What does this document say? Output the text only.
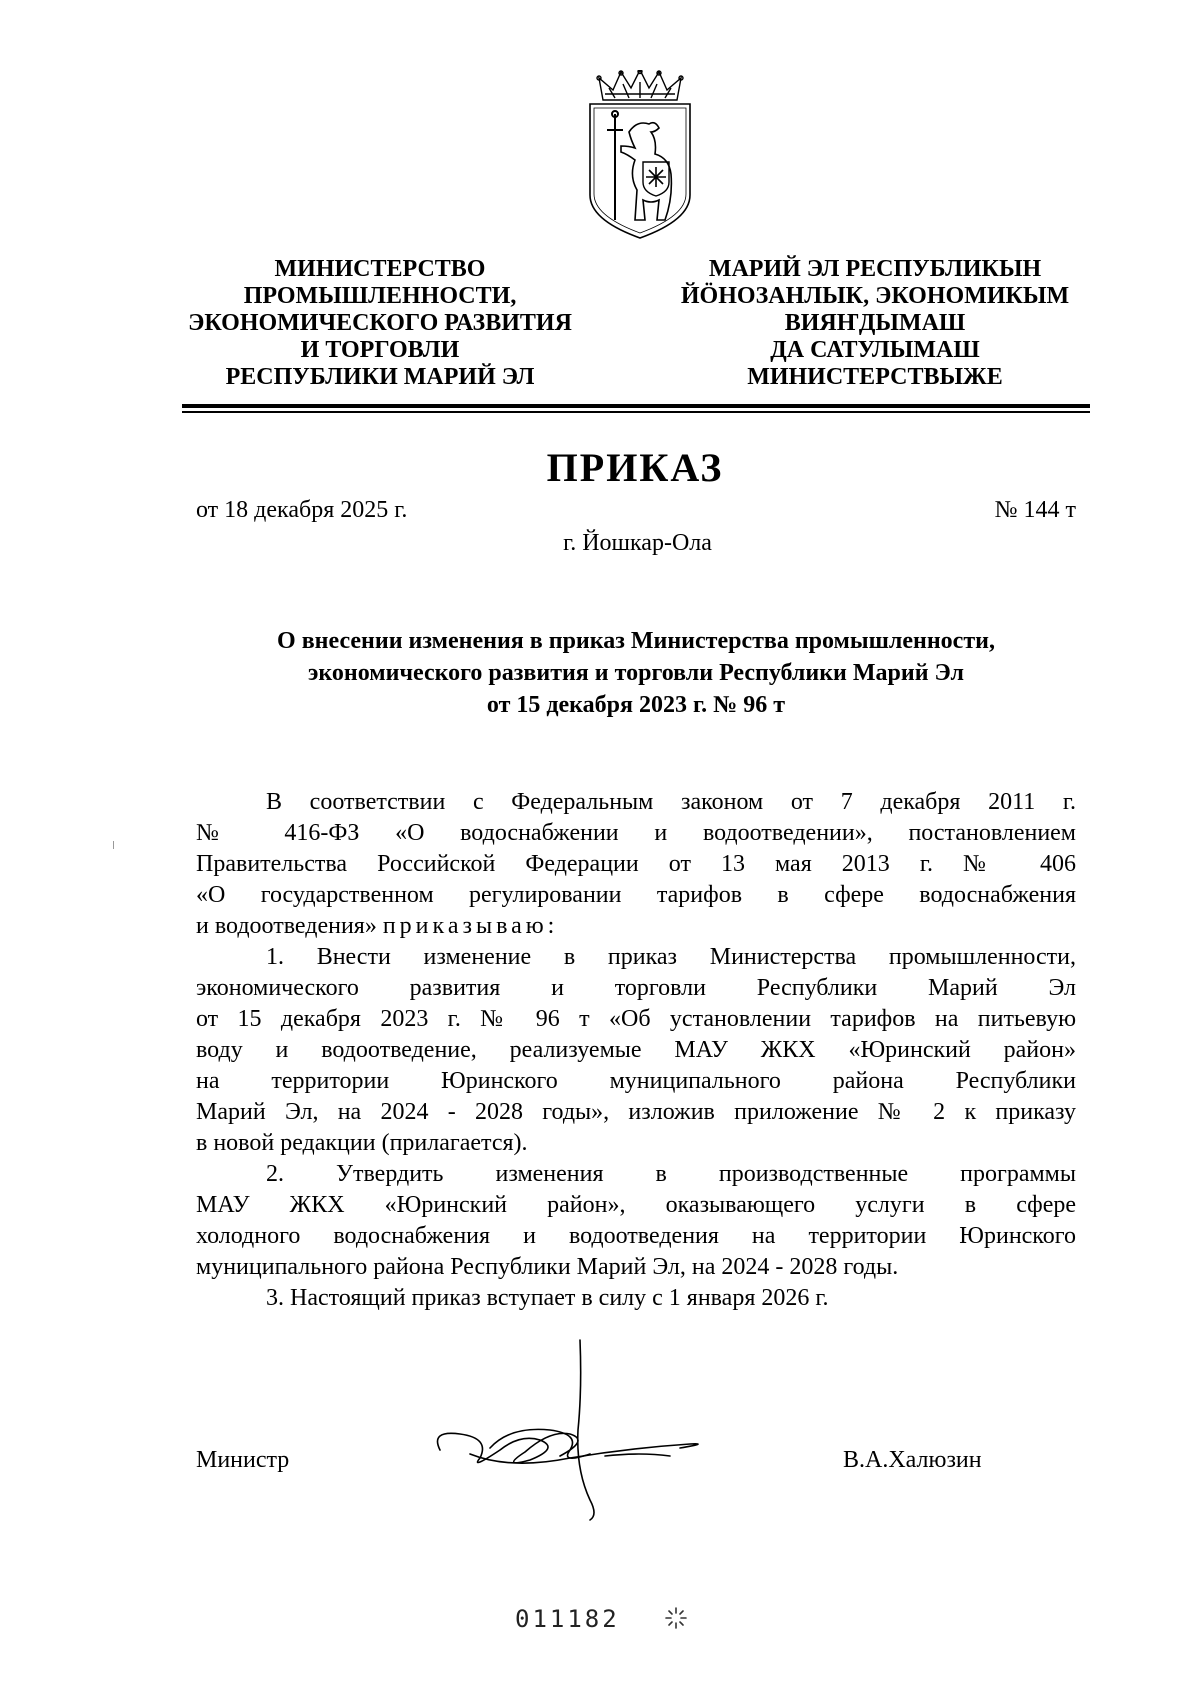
МИНИСТЕРСТВО
ПРОМЫШЛЕННОСТИ,
ЭКОНОМИЧЕСКОГО РАЗВИТИЯ
И ТОРГОВЛИ
РЕСПУБЛИКИ МАРИЙ ЭЛ
МАРИЙ ЭЛ РЕСПУБЛИКЫН
ЙӦНОЗАНЛЫК, ЭКОНОМИКЫМ
ВИЯҤДЫМАШ
ДА САТУЛЫМАШ
МИНИСТЕРСТВЫЖЕ
ПРИКАЗ
от 18 декабря 2025 г.	№ 144 т
г. Йошкар-Ола
О внесении изменения в приказ Министерства промышленности,
экономического развития и торговли Республики Марий Эл
от 15 декабря 2023 г. № 96 т
В соответствии с Федеральным законом от 7 декабря 2011 г.
№ 416-ФЗ «О водоснабжении и водоотведении», постановлением
Правительства Российской Федерации от 13 мая 2013 г. № 406
«О государственном регулировании тарифов в сфере водоснабжения
и водоотведения» приказываю:
1. Внести изменение в приказ Министерства промышленности,
экономического развития и торговли Республики Марий Эл
от 15 декабря 2023 г. № 96 т «Об установлении тарифов на питьевую
воду и водоотведение, реализуемые МАУ ЖКХ «Юринский район»
на территории Юринского муниципального района Республики
Марий Эл, на 2024 - 2028 годы», изложив приложение № 2 к приказу
в новой редакции (прилагается).
2. Утвердить изменения в производственные программы
МАУ ЖКХ «Юринский район», оказывающего услуги в сфере
холодного водоснабжения и водоотведения на территории Юринского
муниципального района Республики Марий Эл, на 2024 - 2028 годы.
3. Настоящий приказ вступает в силу с 1 января 2026 г.
Министр	В.А.Халюзин
011182
